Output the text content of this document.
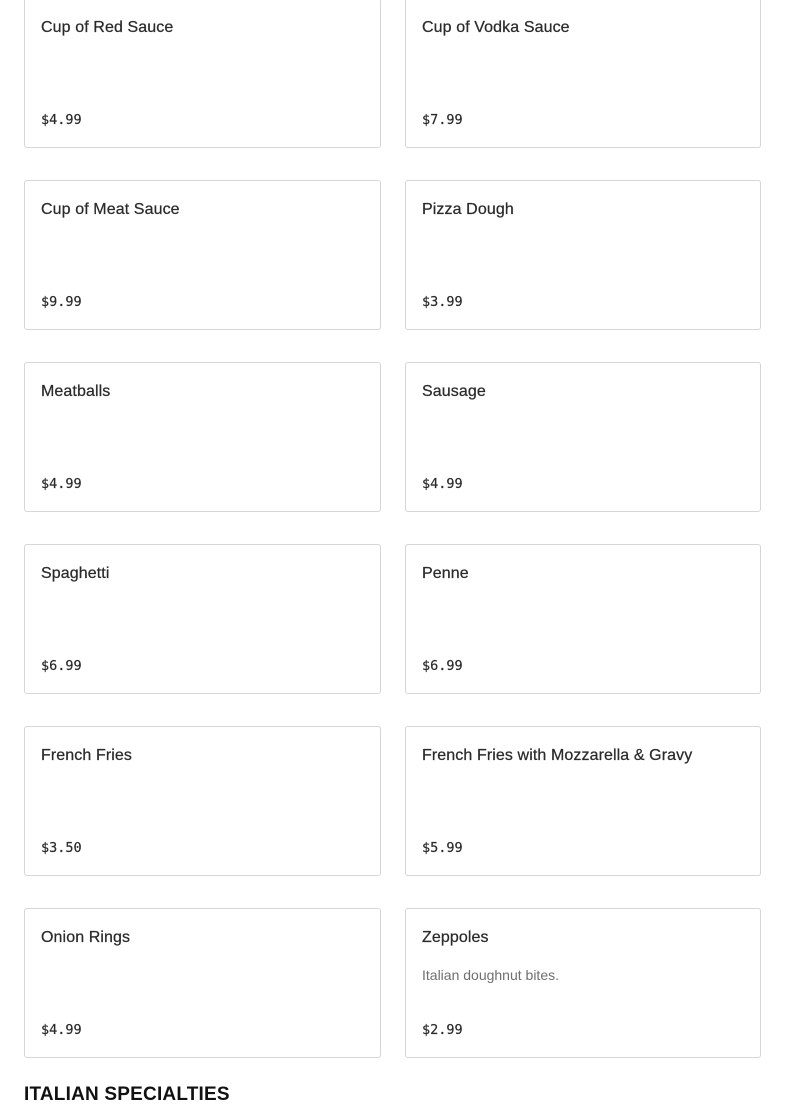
Cup of Red Sauce
$4.99
Cup of Vodka Sauce
$7.99
Cup of Meat Sauce
$9.99
Pizza Dough
$3.99
Meatballs
$4.99
Sausage
$4.99
Spaghetti
$6.99
Penne
$6.99
French Fries
$3.50
French Fries with Mozzarella & Gravy
$5.99
Onion Rings
$4.99
Zeppoles
Italian doughnut bites.
$2.99
ITALIAN SPECIALTIES
